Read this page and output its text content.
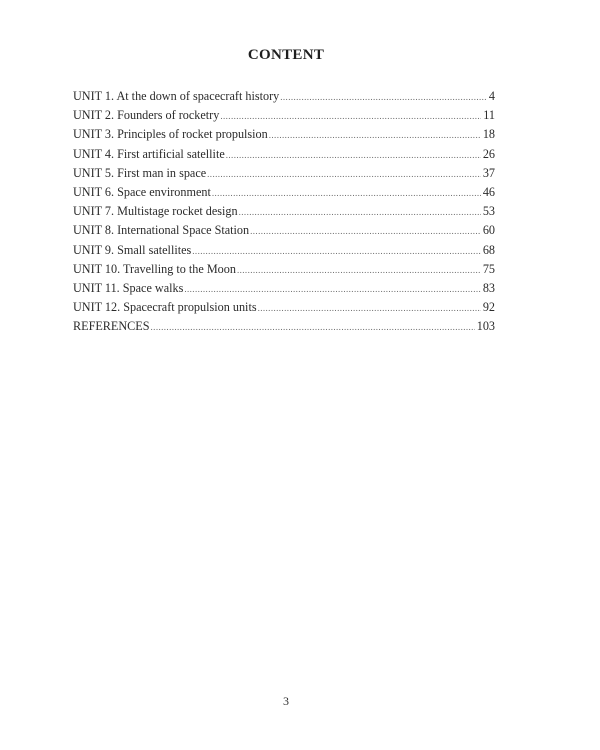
CONTENT
UNIT 1. At the down of spacecraft history .....	4
UNIT 2. Founders of rocketry .....	11
UNIT 3. Principles of rocket propulsion .....	18
UNIT 4. First artificial satellite .....	26
UNIT 5. First man in space .....	37
UNIT 6. Space environment .....	46
UNIT 7. Multistage rocket design .....	53
UNIT 8. International Space Station .....	60
UNIT 9. Small satellites .....	68
UNIT 10. Travelling to the Moon .....	75
UNIT 11. Space walks .....	83
UNIT 12. Spacecraft propulsion units .....	92
REFERENCES .....	103
3
